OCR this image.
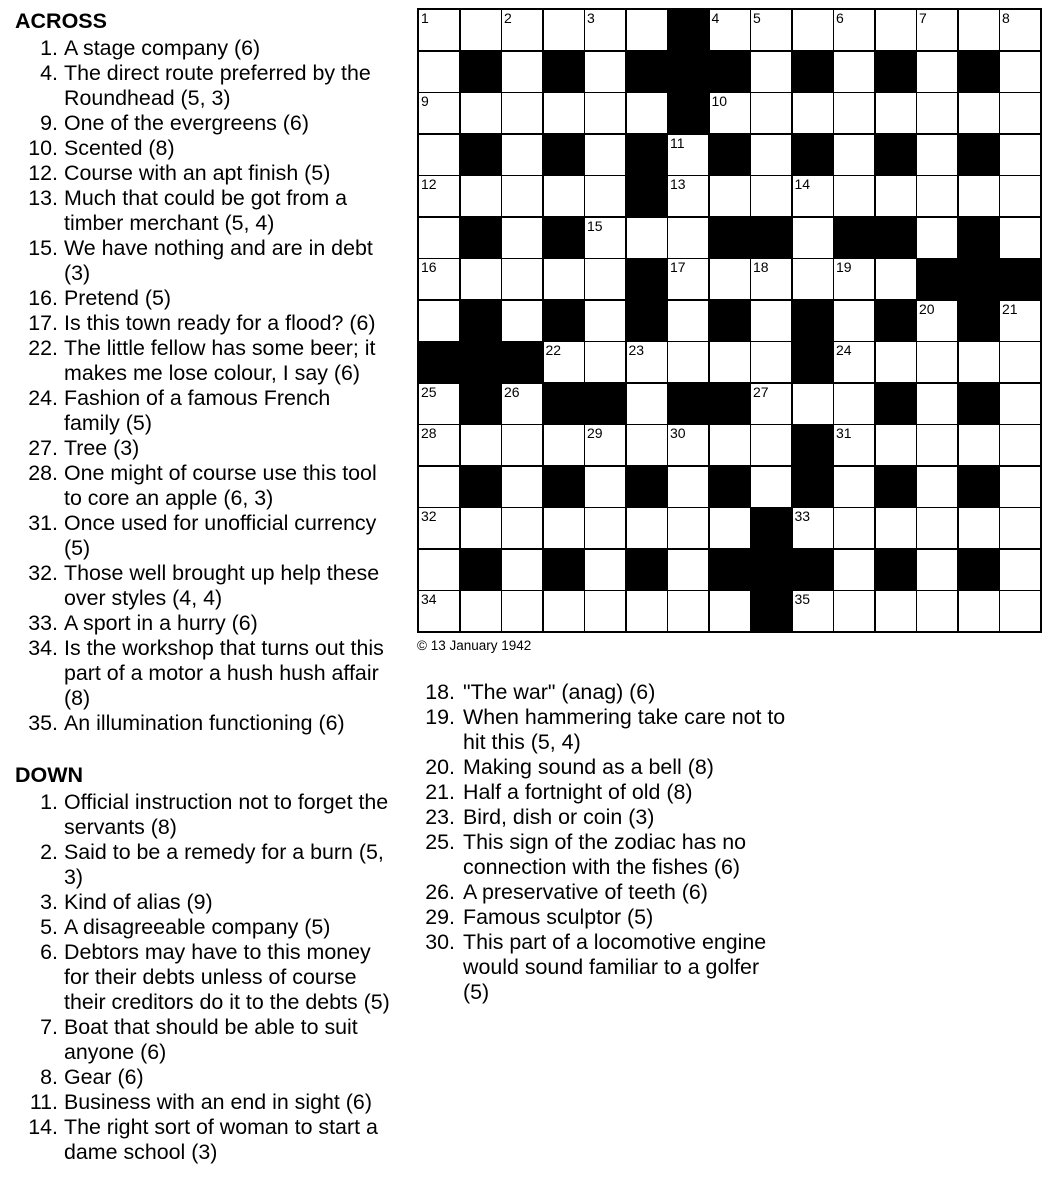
ACROSS
1. A stage company (6)
4. The direct route preferred by the Roundhead (5, 3)
9. One of the evergreens (6)
10. Scented (8)
12. Course with an apt finish (5)
13. Much that could be got from a timber merchant (5, 4)
15. We have nothing and are in debt (3)
16. Pretend (5)
17. Is this town ready for a flood? (6)
22. The little fellow has some beer; it makes me lose colour, I say (6)
24. Fashion of a famous French family (5)
27. Tree (3)
28. One might of course use this tool to core an apple (6, 3)
31. Once used for unofficial currency (5)
32. Those well brought up help these over styles (4, 4)
33. A sport in a hurry (6)
34. Is the workshop that turns out this part of a motor a hush hush affair (8)
35. An illumination functioning (6)
DOWN
1. Official instruction not to forget the servants (8)
2. Said to be a remedy for a burn (5, 3)
3. Kind of alias (9)
5. A disagreeable company (5)
6. Debtors may have to this money for their debts unless of course their creditors do it to the debts (5)
7. Boat that should be able to suit anyone (6)
8. Gear (6)
11. Business with an end in sight (6)
14. The right sort of woman to start a dame school (3)
1	2	3	4 5	6	7	8
9	10
11
12	13	14
15
16	17	18	19
20	21
22	23	24
25	26	27
28	29	30	31
32	33
34	35
© 13 January 1942
18. "The war" (anag) (6)
19. When hammering take care not to hit this (5, 4)
20. Making sound as a bell (8)
21. Half a fortnight of old (8)
23. Bird, dish or coin (3)
25. This sign of the zodiac has no connection with the fishes (6)
26. A preservative of teeth (6)
29. Famous sculptor (5)
30. This part of a locomotive engine would sound familiar to a golfer (5)
